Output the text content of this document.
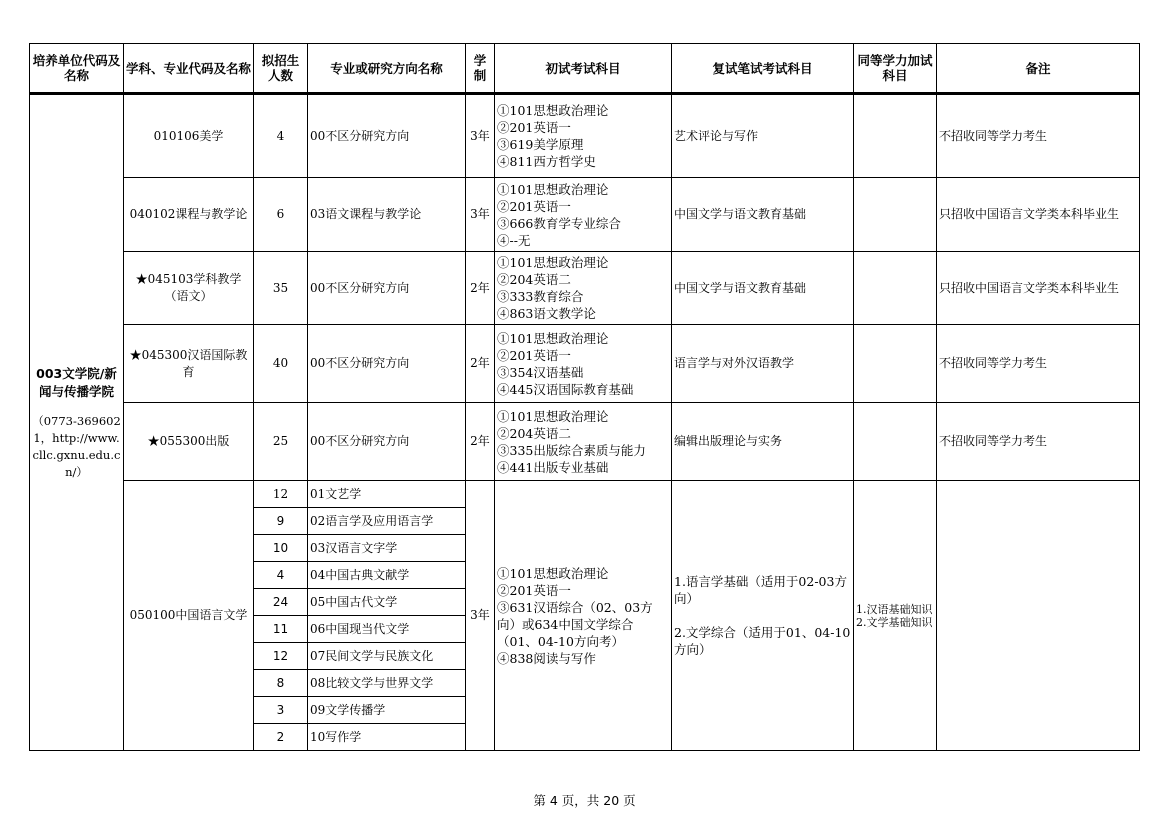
培养单位代码及名称	学科、专业代码及名称	拟招生人数	专业或研究方向名称	学制	初试考试科目	复试笔试考试科目	同等学力加试科目	备注
003文学院/新闻与传播学院
（0773-3696021，http://www.cllc.gxnu.edu.cn/）	010106美学	4	00不区分研究方向	3年	①101思想政治理论
②201英语一
③619美学原理
④811西方哲学史	艺术评论与写作		不招收同等学力考生
	040102课程与教学论	6	03语文课程与教学论	3年	①101思想政治理论
②201英语一
③666教育学专业综合
④--无	中国文学与语文教育基础		只招收中国语言文学类本科毕业生
	★045103学科教学（语文）	35	00不区分研究方向	2年	①101思想政治理论
②204英语二
③333教育综合
④863语文教学论	中国文学与语文教育基础		只招收中国语言文学类本科毕业生
	★045300汉语国际教育	40	00不区分研究方向	2年	①101思想政治理论
②201英语一
③354汉语基础
④445汉语国际教育基础	语言学与对外汉语教学		不招收同等学力考生
	★055300出版	25	00不区分研究方向	2年	①101思想政治理论
②204英语二
③335出版综合素质与能力
④441出版专业基础	编辑出版理论与实务		不招收同等学力考生
	050100中国语言文学	12	01文艺学	3年	①101思想政治理论
②201英语一
③631汉语综合（02、03方向）或634中国文学综合（01、04-10方向考）
④838阅读与写作	1.语言学基础（适用于02-03方向）
2.文学综合（适用于01、04-10方向）	1.汉语基础知识
2.文学基础知识	

		9	02语言学及应用语言学					
		10	03汉语言文字学					
		4	04中国古典文献学					
		24	05中国古代文学					
		11	06中国现当代文学					
		12	07民间文学与民族文化					
		8	08比较文学与世界文学					
		3	09文学传播学					
		2	10写作学					
第 4 页，共 20 页
